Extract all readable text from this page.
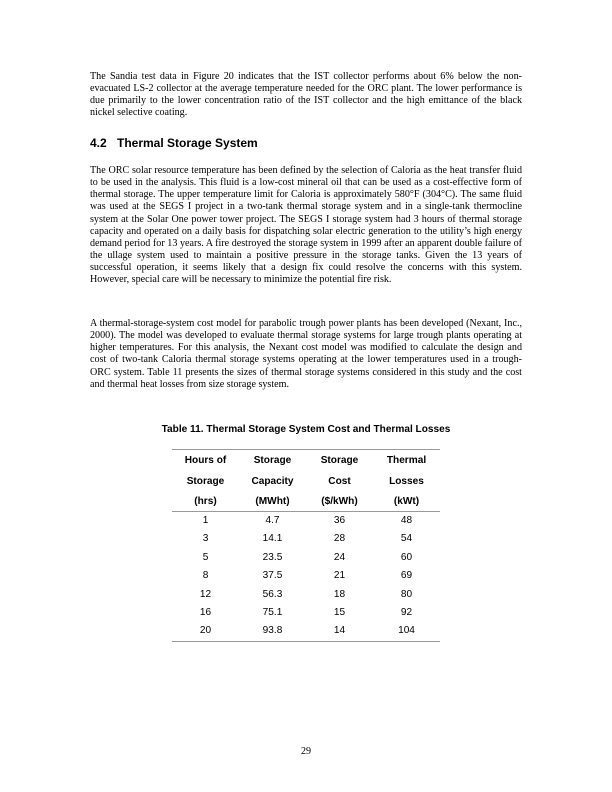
The Sandia test data in Figure 20 indicates that the IST collector performs about 6% below the non-evacuated LS-2 collector at the average temperature needed for the ORC plant. The lower performance is due primarily to the lower concentration ratio of the IST collector and the high emittance of the black nickel selective coating.

4.2 Thermal Storage System

The ORC solar resource temperature has been defined by the selection of Caloria as the heat transfer fluid to be used in the analysis. This fluid is a low-cost mineral oil that can be used as a cost-effective form of thermal storage. The upper temperature limit for Caloria is approximately 580°F (304°C). The same fluid was used at the SEGS I project in a two-tank thermal storage system and in a single-tank thermocline system at the Solar One power tower project. The SEGS I storage system had 3 hours of thermal storage capacity and operated on a daily basis for dispatching solar electric generation to the utility’s high energy demand period for 13 years. A fire destroyed the storage system in 1999 after an apparent double failure of the ullage system used to maintain a positive pressure in the storage tanks. Given the 13 years of successful operation, it seems likely that a design fix could resolve the concerns with this system. However, special care will be necessary to minimize the potential fire risk.

A thermal-storage-system cost model for parabolic trough power plants has been developed (Nexant, Inc., 2000). The model was developed to evaluate thermal storage systems for large trough plants operating at higher temperatures. For this analysis, the Nexant cost model was modified to calculate the design and cost of two-tank Caloria thermal storage systems operating at the lower temperatures used in a trough-ORC system. Table 11 presents the sizes of thermal storage systems considered in this study and the cost and thermal heat losses from size storage system.

Table 11. Thermal Storage System Cost and Thermal Losses

Hours of	Storage	Storage	Thermal
Storage	Capacity	Cost	Losses
(hrs)	(MWht)	($/kWh)	(kWt)
1	4.7	36	48
3	14.1	28	54
5	23.5	24	60
8	37.5	21	69
12	56.3	18	80
16	75.1	15	92
20	93.8	14	104
29
